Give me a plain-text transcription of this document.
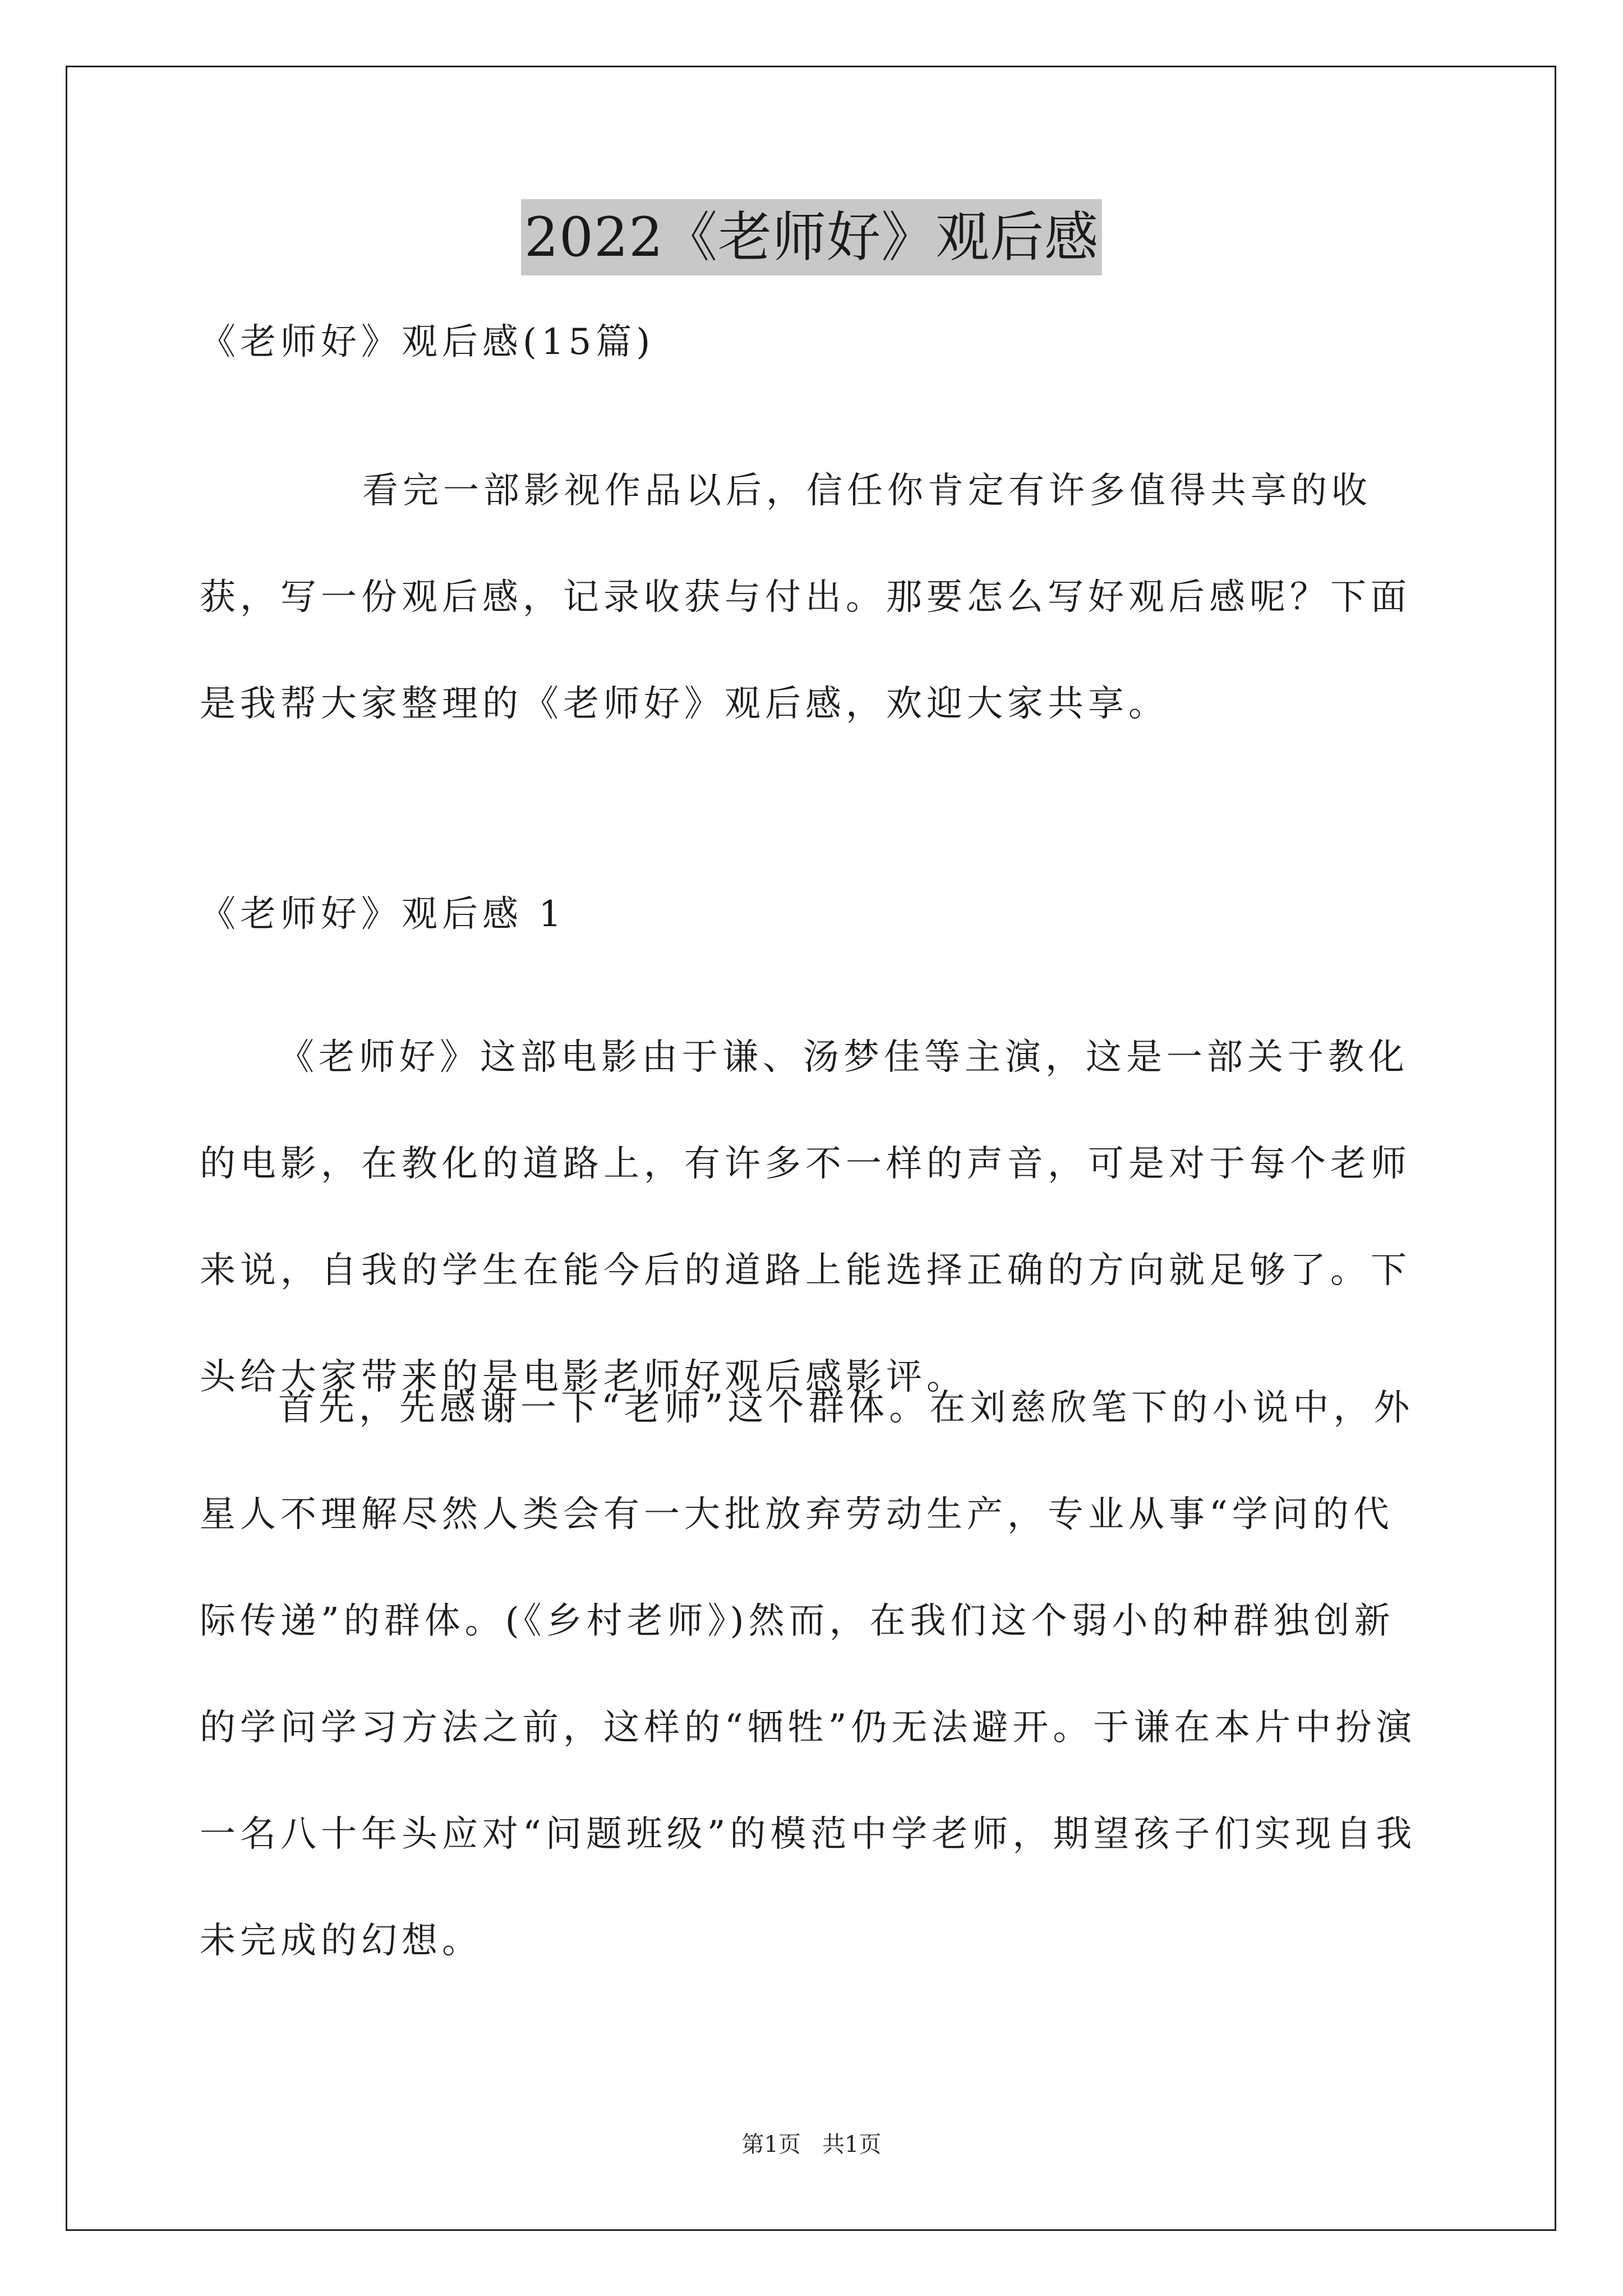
2022《老师好》观后感

《老师好》观后感(15篇)

看完一部影视作品以后，信任你肯定有许多值得共享的收获，写一份观后感，记录收获与付出。那要怎么写好观后感呢？下面是我帮大家整理的《老师好》观后感，欢迎大家共享。

《老师好》观后感 1

《老师好》这部电影由于谦、汤梦佳等主演，这是一部关于教化的电影，在教化的道路上，有许多不一样的声音，可是对于每个老师来说，自我的学生在能今后的道路上能选择正确的方向就足够了。下头给大家带来的是电影老师好观后感影评。

首先，先感谢一下“老师”这个群体。在刘慈欣笔下的小说中，外星人不理解尽然人类会有一大批放弃劳动生产，专业从事“学问的代际传递”的群体。(《乡村老师》)然而，在我们这个弱小的种群独创新的学问学习方法之前，这样的“牺牲”仍无法避开。于谦在本片中扮演一名八十年头应对“问题班级”的模范中学老师，期望孩子们实现自我未完成的幻想。

第1页   共1页
